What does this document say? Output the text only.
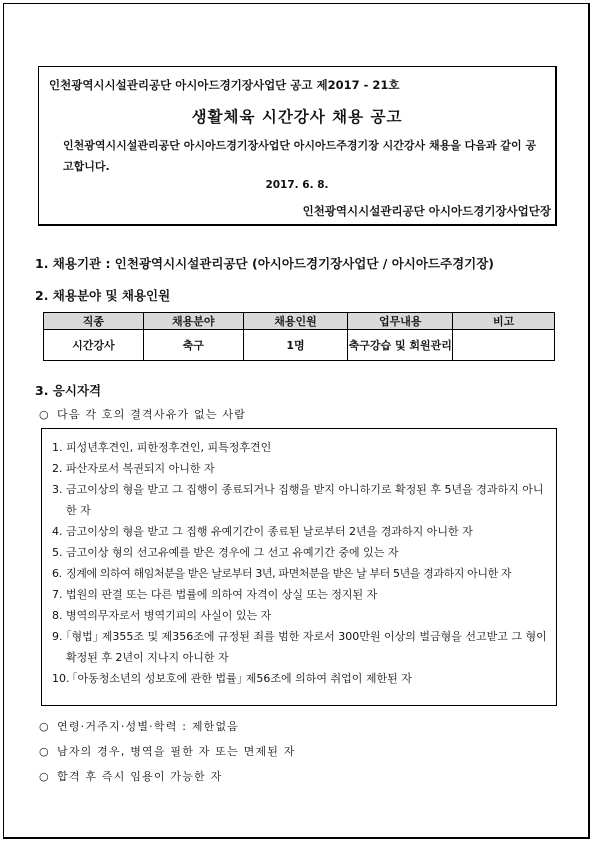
인천광역시시설관리공단 아시아드경기장사업단 공고 제2017 - 21호
생활체육 시간강사 채용 공고
인천광역시시설관리공단 아시아드경기장사업단 아시아드주경기장 시간강사 채용을 다음과 같이 공고합니다.
2017. 6. 8.
인천광역시시설관리공단 아시아드경기장사업단장
1. 채용기관 : 인천광역시시설관리공단 (아시아드경기장사업단 / 아시아드주경기장)
2. 채용분야 및 채용인원
직종	채용분야	채용인원	업무내용	비고
시간강사	축구	1명	축구강습 및 회원관리	
3. 응시자격
○ 다음 각 호의 결격사유가 없는 사람
1. 피성년후견인, 피한정후견인, 피특정후견인
2. 파산자로서 복권되지 아니한 자
3. 금고이상의 형을 받고 그 집행이 종료되거나 집행을 받지 아니하기로 확정된 후 5년을 경과하지 아니한 자
4. 금고이상의 형을 받고 그 집행 유예기간이 종료된 날로부터 2년을 경과하지 아니한 자
5. 금고이상 형의 선고유예를 받은 경우에 그 선고 유예기간 중에 있는 자
6. 징계에 의하여 해임처분을 받은 날로부터 3년, 파면처분을 받은 날 부터 5년을 경과하지 아니한 자
7. 법원의 판결 또는 다른 법률에 의하여 자격이 상실 또는 정지된 자
8. 병역의무자로서 병역기피의 사실이 있는 자
9. ｢형법｣ 제355조 및 제356조에 규정된 죄를 범한 자로서 300만원 이상의 벌금형을 선고받고 그 형이 확정된 후 2년이 지나지 아니한 자
10. ｢아동청소년의 성보호에 관한 법률｣ 제56조에 의하여 취업이 제한된 자
○ 연령·거주지·성별·학력 : 제한없음
○ 남자의 경우, 병역을 필한 자 또는 면제된 자
○ 합격 후 즉시 임용이 가능한 자
